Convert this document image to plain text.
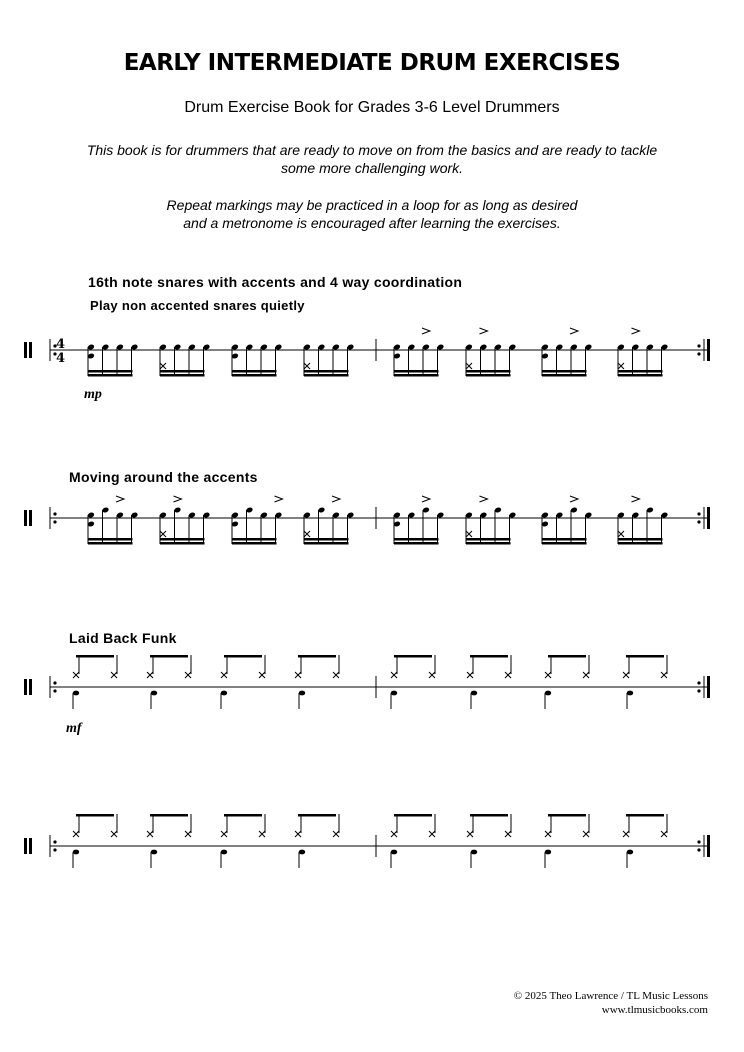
EARLY INTERMEDIATE DRUM EXERCISES
Drum Exercise Book for Grades 3-6 Level Drummers

This book is for drummers that are ready to move on from the basics and are ready to tackle

some more challenging work.

Repeat markings may be practiced in a loop for as long as desired

and a metronome is encouraged after learning the exercises.

16th note snares with accents and 4 way coordination
Play non accented snares quietly
Moving around the accents
Laid Back Funk
mp
mf
4
4
© 2025 Theo Lawrence / TL Music Lessons
www.tlmusicbooks.com
